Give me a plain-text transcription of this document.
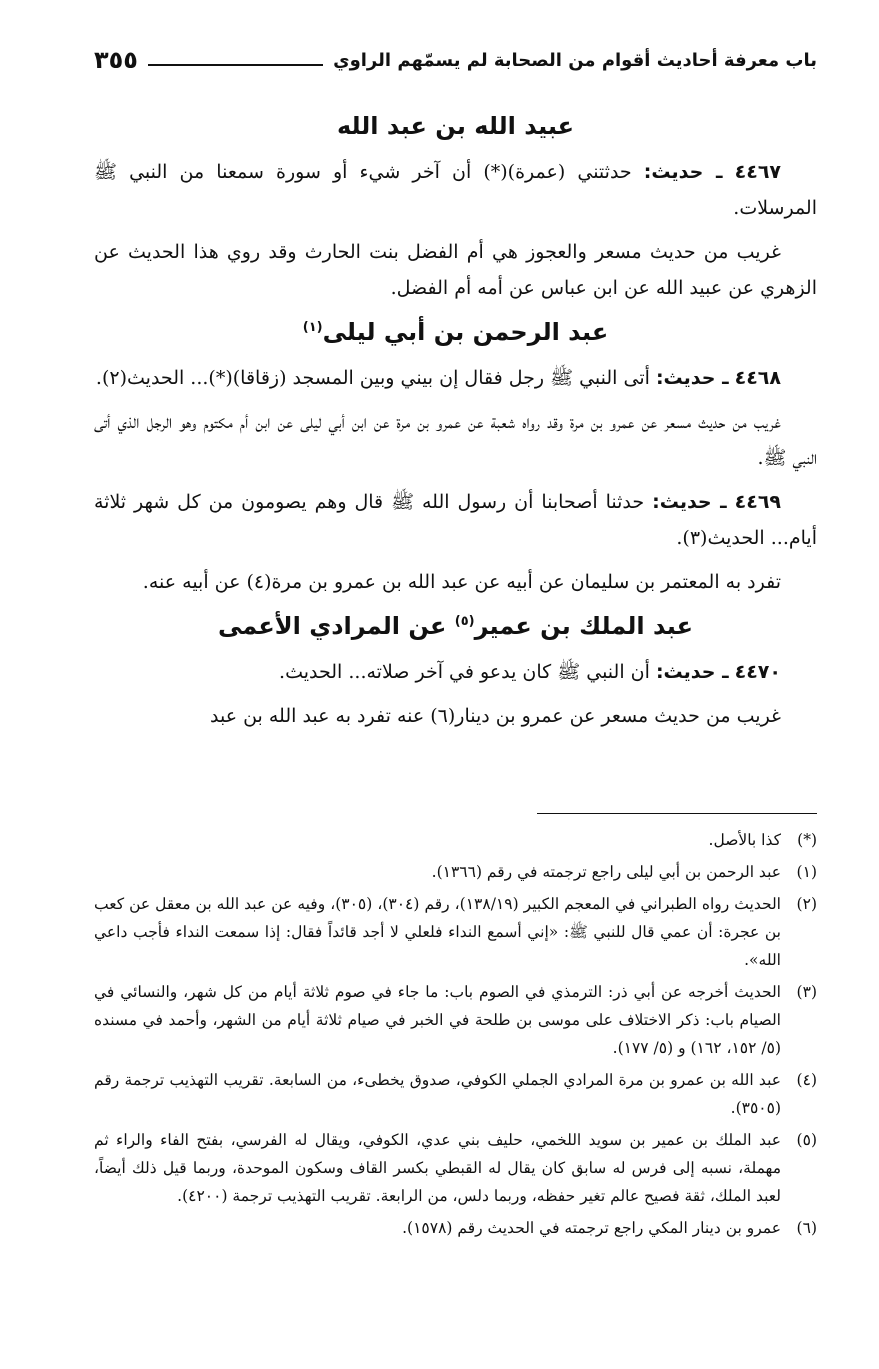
باب معرفة أحاديث أقوام من الصحابة لم يسمّهم الراوي
٣٥٥
عبيد الله بن عبد الله

٤٤٦٧ ـ حديث: حدثتني (عمرة)(*) أن آخر شيء أو سورة سمعنا من النبي ﷺ المرسلات.

غريب من حديث مسعر والعجوز هي أم الفضل بنت الحارث وقد روي هذا الحديث عن الزهري عن عبيد الله عن ابن عباس عن أمه أم الفضل.

عبد الرحمن بن أبي ليلى$^{(١)}$

٤٤٦٨ ـ حديث: أتى النبي ﷺ رجل فقال إن بيني وبين المسجد (زقاقا)(*)... الحديث(٢).

غريب من حديث مسعر عن عمرو بن مرة وقد رواه شعبة عن عمرو بن مرة عن ابن أبي ليلى عن ابن أم مكتوم وهو الرجل الذي أتى النبي ﷺ.

٤٤٦٩ ـ حديث: حدثنا أصحابنا أن رسول الله ﷺ قال وهم يصومون من كل شهر ثلاثة أيام... الحديث(٣).

تفرد به المعتمر بن سليمان عن أبيه عن عبد الله بن عمرو بن مرة(٤) عن أبيه عنه.

عبد الملك بن عمير$^{(٥)}$ عن المرادي الأعمى

٤٤٧٠ ـ حديث: أن النبي ﷺ كان يدعو في آخر صلاته... الحديث.

غريب من حديث مسعر عن عمرو بن دينار(٦) عنه تفرد به عبد الله بن عبد

(*)
كذا بالأصل.
(١)
عبد الرحمن بن أبي ليلى راجع ترجمته في رقم (١٣٦٦).
(٢)
الحديث رواه الطبراني في المعجم الكبير (١٣٨/١٩)، رقم (٣٠٤)، (٣٠٥)، وفيه عن عبد الله بن معقل عن كعب بن عجرة: أن عمي قال للنبي ﷺ: «إني أسمع النداء فلعلي لا أجد قائداً فقال: إذا سمعت النداء فأجب داعي الله».
(٣)
الحديث أخرجه عن أبي ذر: الترمذي في الصوم باب: ما جاء في صوم ثلاثة أيام من كل شهر، والنسائي في الصيام باب: ذكر الاختلاف على موسى بن طلحة في الخبر في صيام ثلاثة أيام من الشهر، وأحمد في مسنده (٥/ ١٥٢، ١٦٢) و (٥/ ١٧٧).
(٤)
عبد الله بن عمرو بن مرة المرادي الجملي الكوفي، صدوق يخطىء، من السابعة. تقريب التهذيب ترجمة رقم (٣٥٠٥).
(٥)
عبد الملك بن عمير بن سويد اللخمي، حليف بني عدي، الكوفي، ويقال له الفرسي، بفتح الفاء والراء ثم مهملة، نسبه إلى فرس له سابق كان يقال له القبطي بكسر القاف وسكون الموحدة، وربما قيل ذلك أيضاً، لعبد الملك، ثقة فصيح عالم تغير حفظه، وربما دلس، من الرابعة. تقريب التهذيب ترجمة (٤٢٠٠).
(٦)
عمرو بن دينار المكي راجع ترجمته في الحديث رقم (١٥٧٨).
